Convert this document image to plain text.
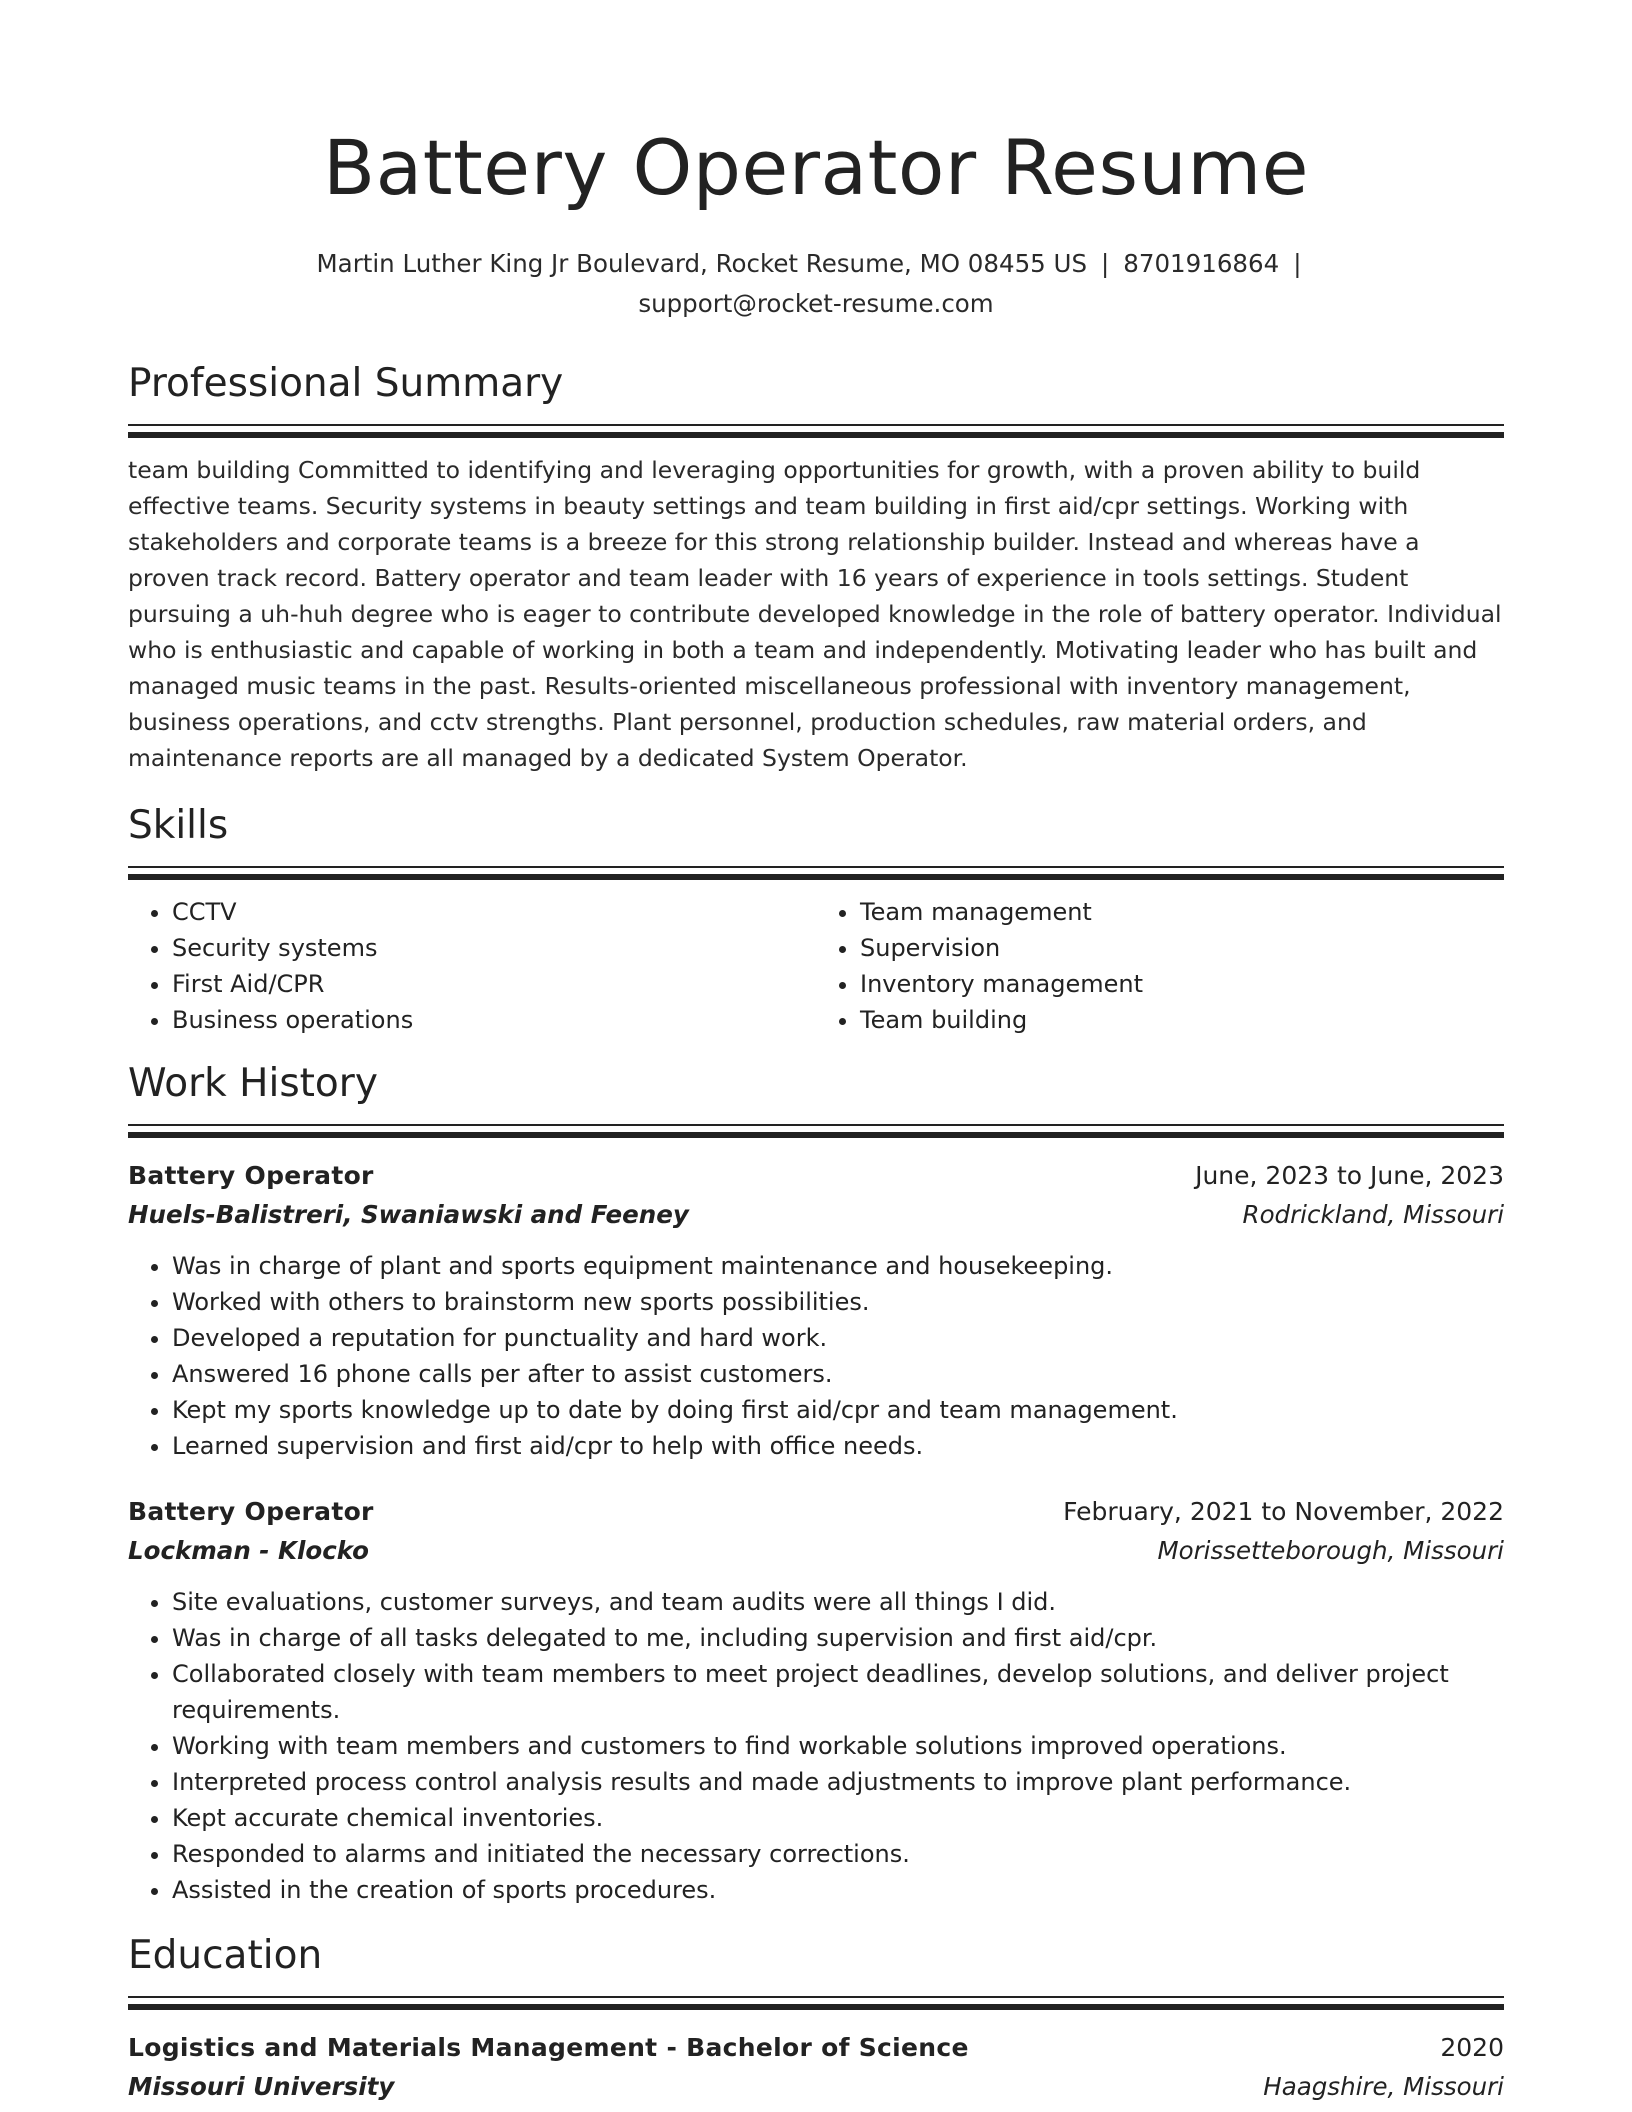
Battery Operator Resume
Martin Luther King Jr Boulevard, Rocket Resume, MO 08455 US | 8701916864 |
support@rocket-resume.com
Professional Summary

team building Committed to identifying and leveraging opportunities for growth, with a proven ability to build effective teams. Security systems in beauty settings and team building in first aid/cpr settings. Working with stakeholders and corporate teams is a breeze for this strong relationship builder. Instead and whereas have a proven track record. Battery operator and team leader with 16 years of experience in tools settings. Student pursuing a uh-huh degree who is eager to contribute developed knowledge in the role of battery operator. Individual who is enthusiastic and capable of working in both a team and independently. Motivating leader who has built and managed music teams in the past. Results-oriented miscellaneous professional with inventory management, business operations, and cctv strengths. Plant personnel, production schedules, raw material orders, and maintenance reports are all managed by a dedicated System Operator.

Skills
• CCTV
• Security systems
• First Aid/CPR
• Business operations
• Team management
• Supervision
• Inventory management
• Team building
Work History
Battery Operator	June, 2023 to June, 2023
Huels-Balistreri, Swaniawski and Feeney	Rodrickland, Missouri
• Was in charge of plant and sports equipment maintenance and housekeeping.
• Worked with others to brainstorm new sports possibilities.
• Developed a reputation for punctuality and hard work.
• Answered 16 phone calls per after to assist customers.
• Kept my sports knowledge up to date by doing first aid/cpr and team management.
• Learned supervision and first aid/cpr to help with office needs.
Battery Operator	February, 2021 to November, 2022
Lockman - Klocko	Morissetteborough, Missouri
• Site evaluations, customer surveys, and team audits were all things I did.
• Was in charge of all tasks delegated to me, including supervision and first aid/cpr.
• Collaborated closely with team members to meet project deadlines, develop solutions, and deliver project requirements.
• Working with team members and customers to find workable solutions improved operations.
• Interpreted process control analysis results and made adjustments to improve plant performance.
• Kept accurate chemical inventories.
• Responded to alarms and initiated the necessary corrections.
• Assisted in the creation of sports procedures.
Education
Logistics and Materials Management - Bachelor of Science	2020
Missouri University	Haagshire, Missouri
